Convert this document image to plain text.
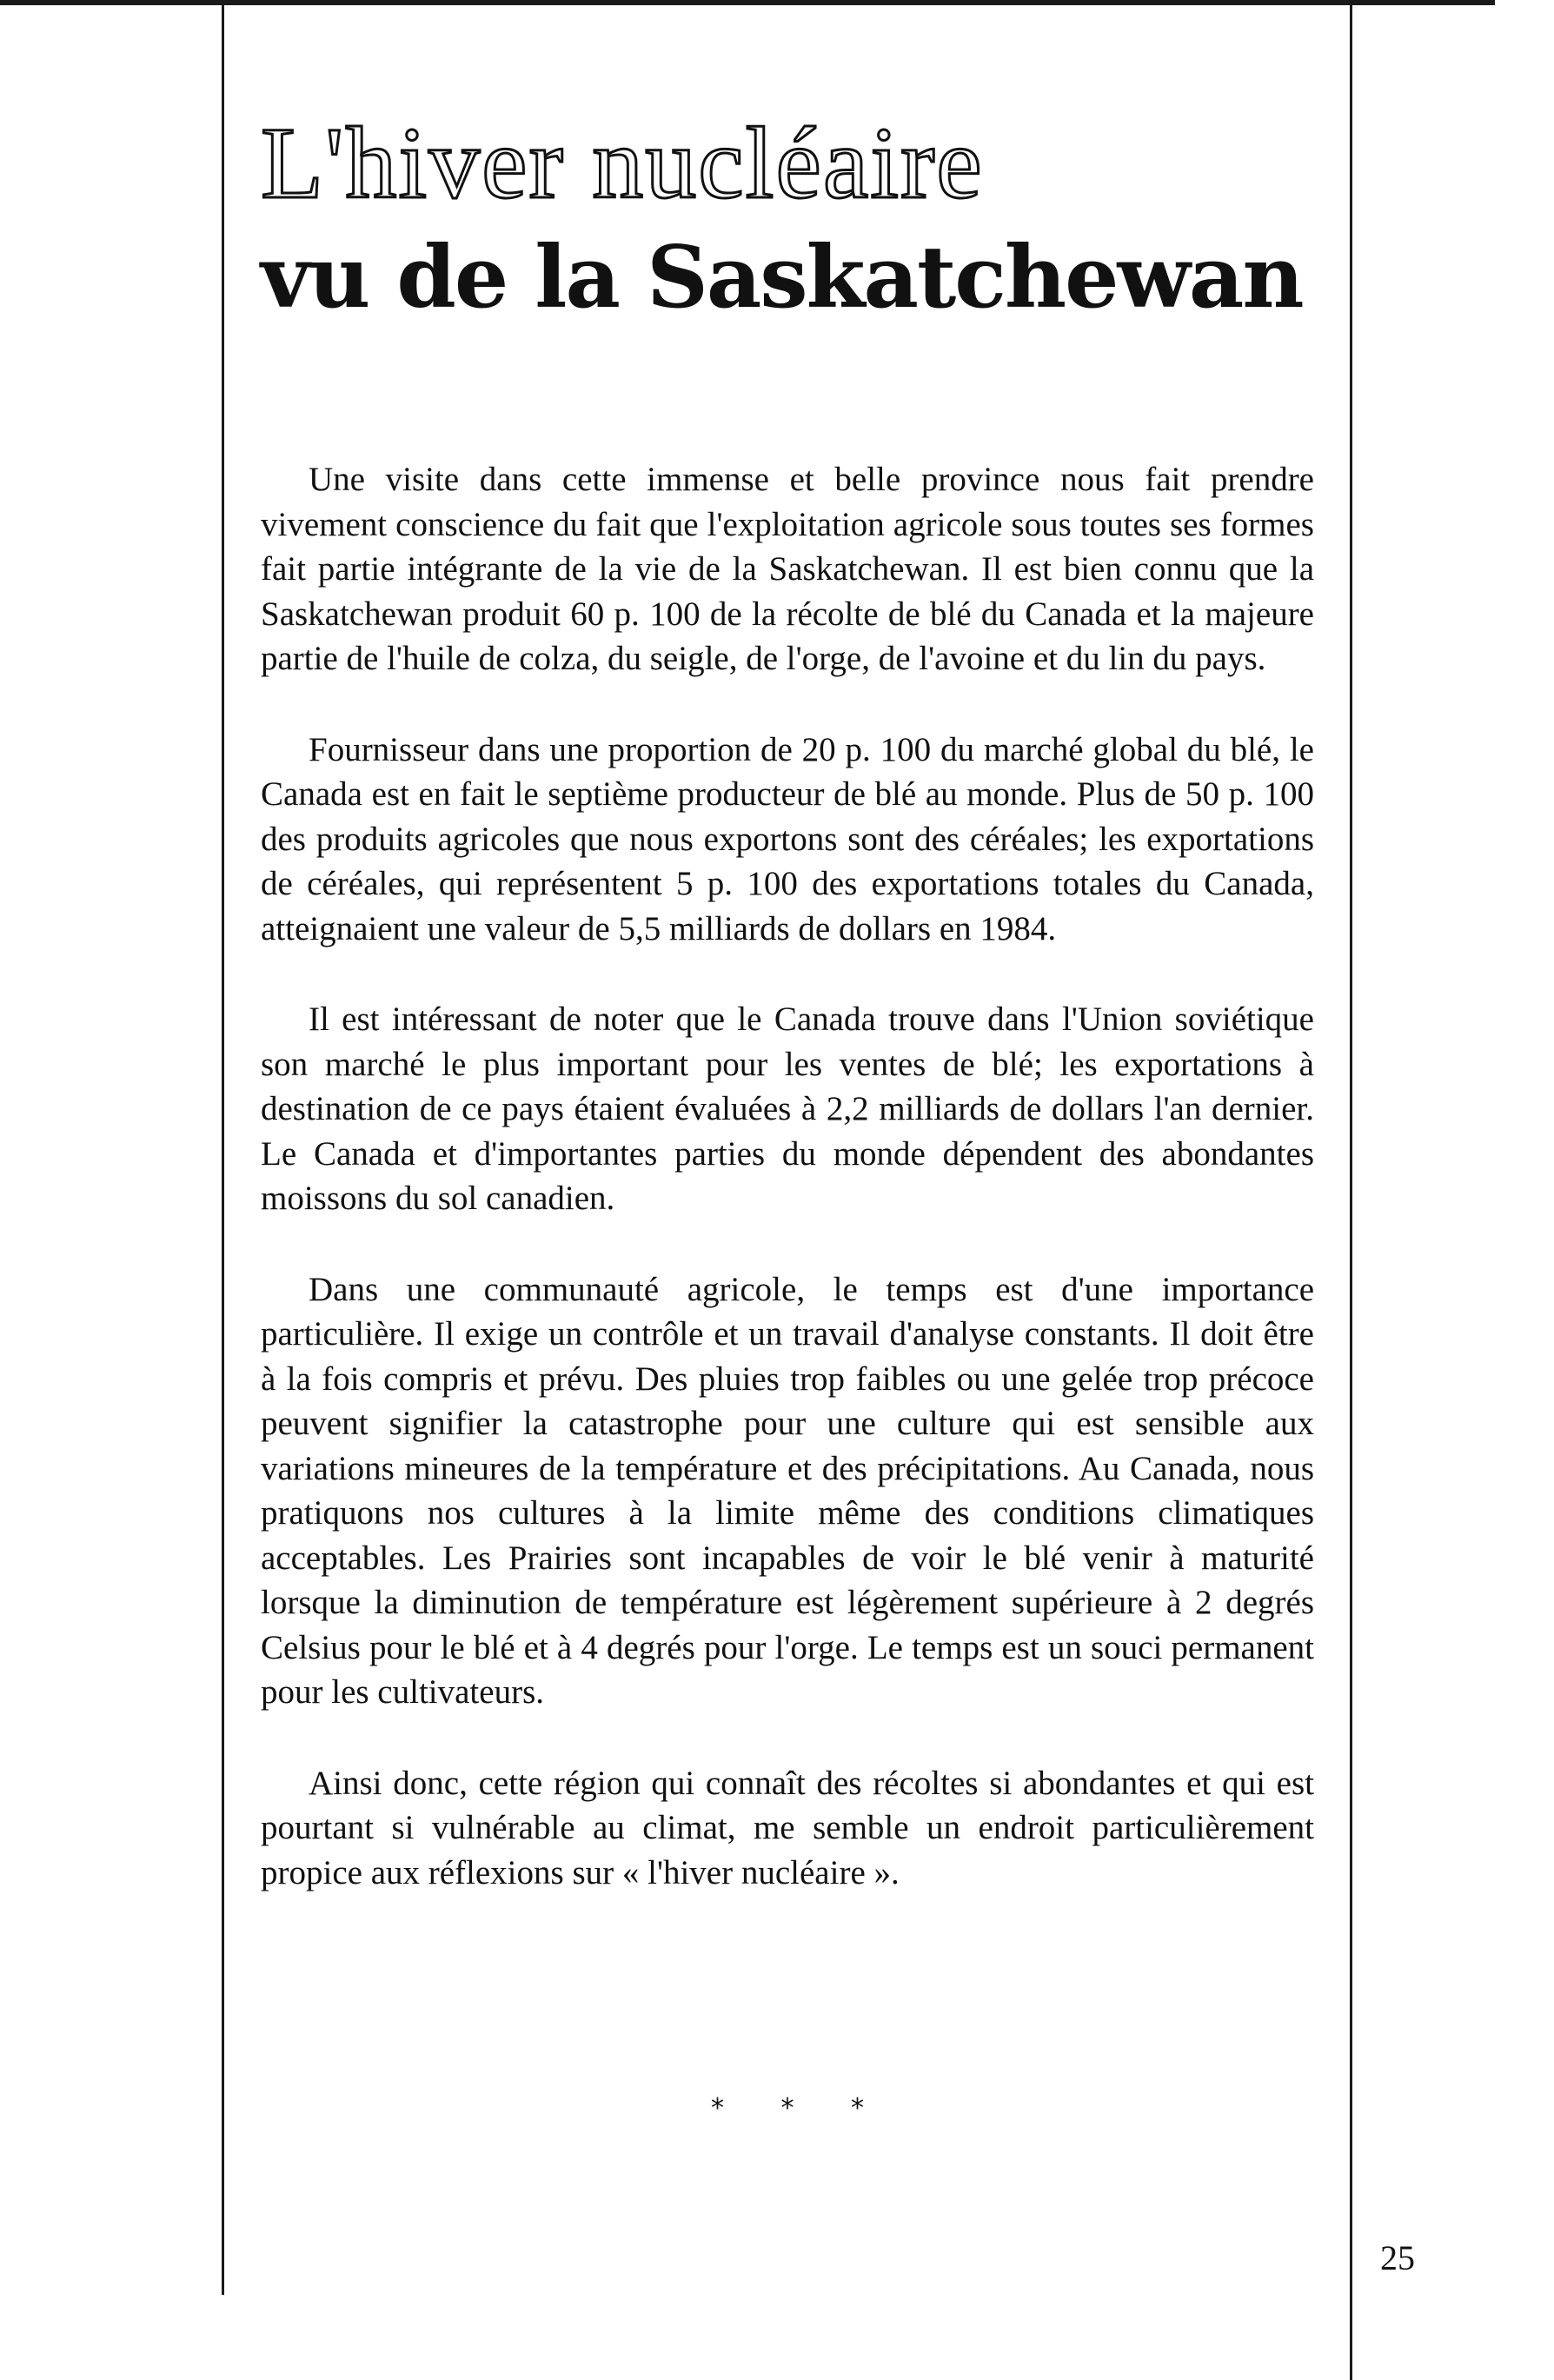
L'hiver nucléaire
vu de la Saskatchewan

Une visite dans cette immense et belle province nous fait prendre vivement conscience du fait que l'exploitation agricole sous toutes ses formes fait partie intégrante de la vie de la Saskatchewan. Il est bien connu que la Saskatchewan produit 60 p. 100 de la récolte de blé du Canada et la majeure partie de l'huile de colza, du seigle, de l'orge, de l'avoine et du lin du pays.

Fournisseur dans une proportion de 20 p. 100 du marché global du blé, le Canada est en fait le septième producteur de blé au monde. Plus de 50 p. 100 des produits agricoles que nous exportons sont des céréales; les exportations de céréales, qui représentent 5 p. 100 des exportations totales du Canada, atteignaient une valeur de 5,5 milliards de dollars en 1984.

Il est intéressant de noter que le Canada trouve dans l'Union soviétique son marché le plus important pour les ventes de blé; les exportations à destination de ce pays étaient évaluées à 2,2 milliards de dollars l'an dernier. Le Canada et d'importantes parties du monde dépendent des abondantes moissons du sol canadien.

Dans une communauté agricole, le temps est d'une importance particulière. Il exige un contrôle et un travail d'analyse constants. Il doit être à la fois compris et prévu. Des pluies trop faibles ou une gelée trop précoce peuvent signifier la catastrophe pour une culture qui est sensible aux variations mineures de la température et des précipitations. Au Canada, nous pratiquons nos cultures à la limite même des conditions climatiques acceptables. Les Prairies sont incapables de voir le blé venir à maturité lorsque la diminution de température est légèrement supérieure à 2 degrés Celsius pour le blé et à 4 degrés pour l'orge. Le temps est un souci permanent pour les cultivateurs.

Ainsi donc, cette région qui connaît des récoltes si abondantes et qui est pourtant si vulnérable au climat, me semble un endroit particulièrement propice aux réflexions sur « l'hiver nucléaire ».

* * *
25
